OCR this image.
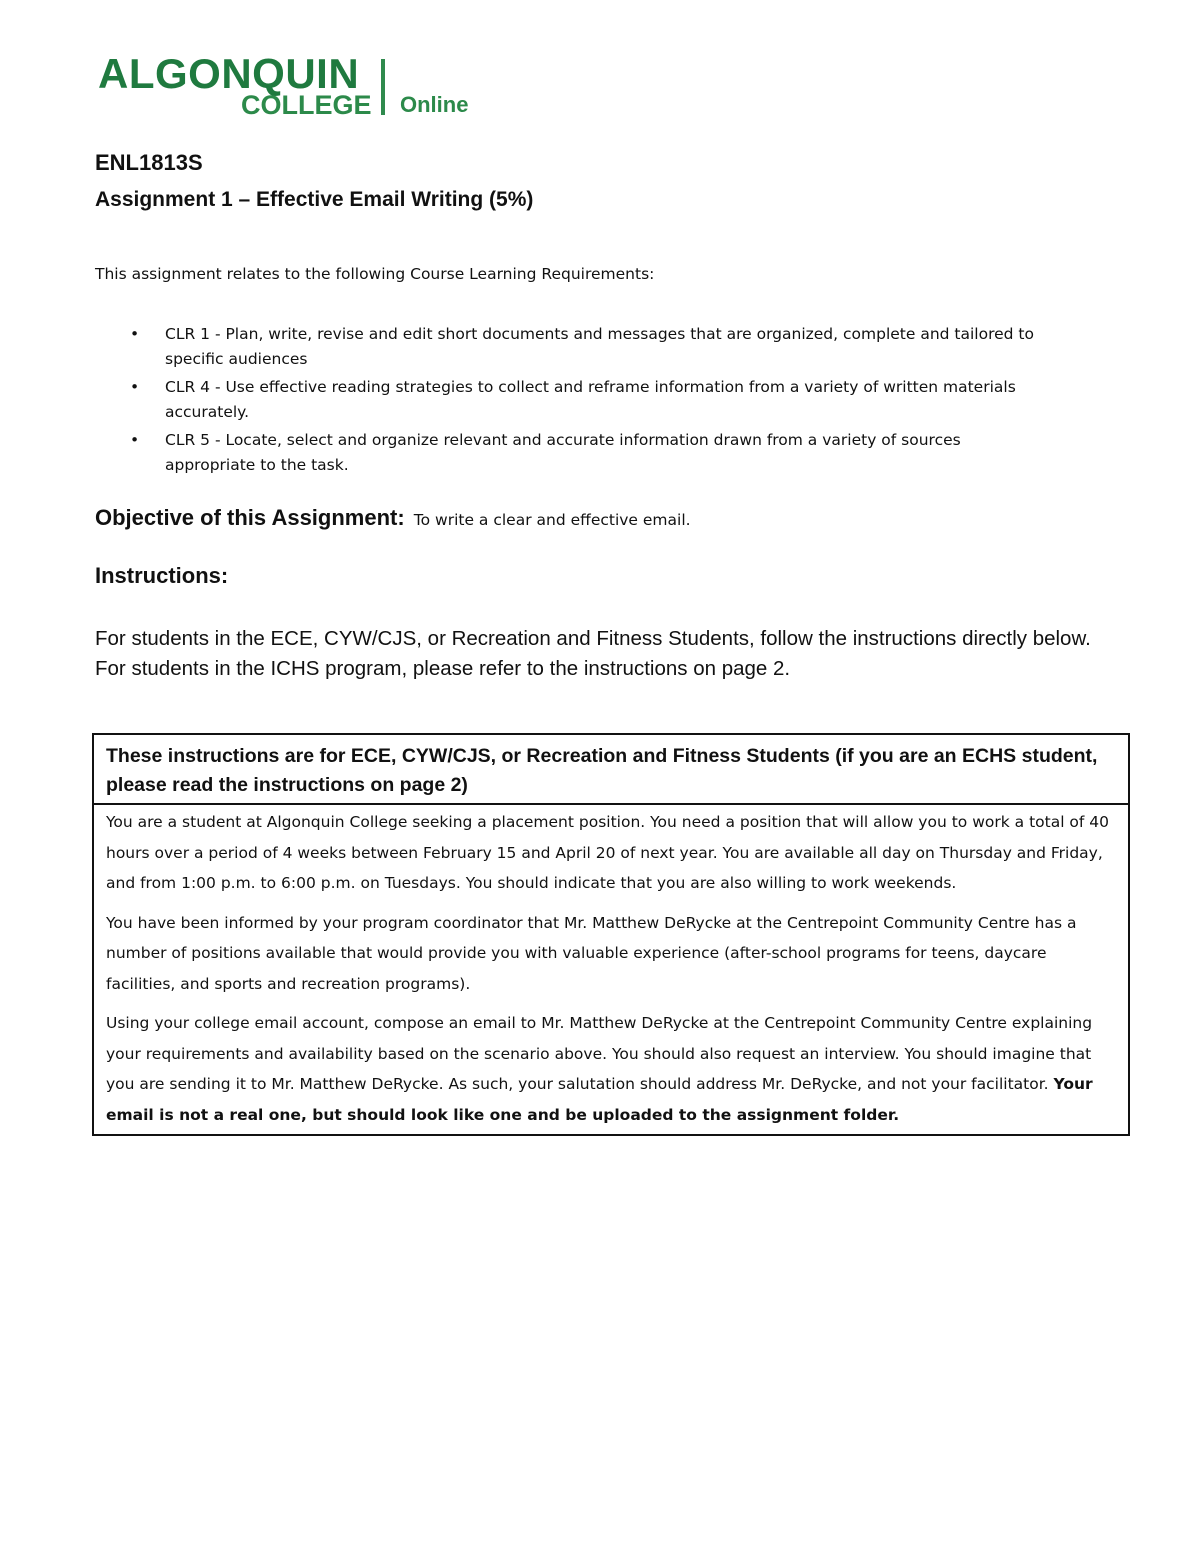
ALGONQUIN
COLLEGE Online
ENL1813S
Assignment 1 – Effective Email Writing (5%)

This assignment relates to the following Course Learning Requirements:

• CLR 1 - Plan, write, revise and edit short documents and messages that are organized, complete and tailored to specific audiences
• CLR 4 - Use effective reading strategies to collect and reframe information from a variety of written materials accurately.
• CLR 5 - Locate, select and organize relevant and accurate information drawn from a variety of sources appropriate to the task.

Objective of this Assignment: To write a clear and effective email.

Instructions:

For students in the ECE, CYW/CJS, or Recreation and Fitness Students, follow the instructions directly below.

For students in the ICHS program, please refer to the instructions on page 2.

These instructions are for ECE, CYW/CJS, or Recreation and Fitness Students (if you are an ECHS student, please read the instructions on page 2)

You are a student at Algonquin College seeking a placement position. You need a position that will allow you to work a total of 40 hours over a period of 4 weeks between February 15 and April 20 of next year. You are available all day on Thursday and Friday, and from 1:00 p.m. to 6:00 p.m. on Tuesdays. You should indicate that you are also willing to work weekends.

You have been informed by your program coordinator that Mr. Matthew DeRycke at the Centrepoint Community Centre has a number of positions available that would provide you with valuable experience (after-school programs for teens, daycare facilities, and sports and recreation programs).

Using your college email account, compose an email to Mr. Matthew DeRycke at the Centrepoint Community Centre explaining your requirements and availability based on the scenario above. You should also request an interview. You should imagine that you are sending it to Mr. Matthew DeRycke. As such, your salutation should address Mr. DeRycke, and not your facilitator. Your email is not a real one, but should look like one and be uploaded to the assignment folder.
